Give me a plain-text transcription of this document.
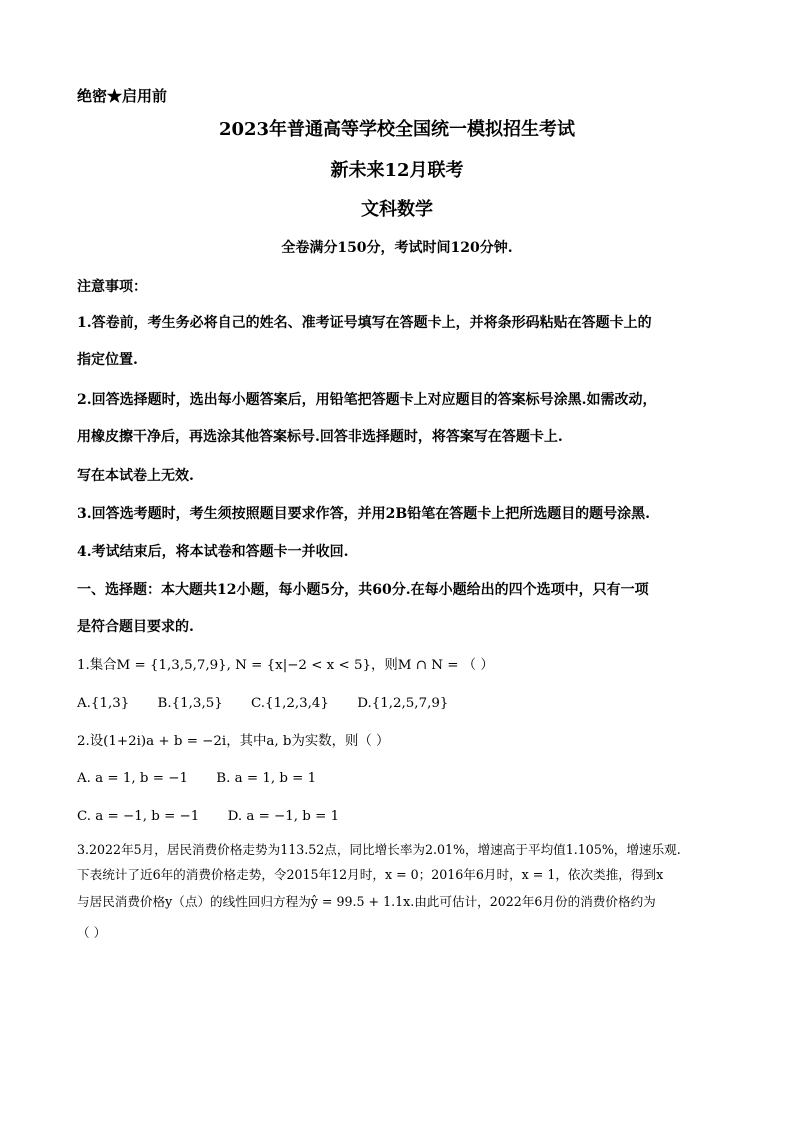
绝密★启用前
2023年普通高等学校全国统一模拟招生考试
新未来12月联考
文科数学
全卷满分150分，考试时间120分钟.
注意事项：
1.答卷前，考生务必将自己的姓名、准考证号填写在答题卡上，并将条形码粘贴在答题卡上的
指定位置.
2.回答选择题时，选出每小题答案后，用铅笔把答题卡上对应题目的答案标号涂黑.如需改动，
用橡皮擦干净后，再选涂其他答案标号.回答非选择题时，将答案写在答题卡上.
写在本试卷上无效.
3.回答选考题时，考生须按照题目要求作答，并用2B铅笔在答题卡上把所选题目的题号涂黑.
4.考试结束后，将本试卷和答题卡一并收回.
一、选择题：本大题共12小题，每小题5分，共60分.在每小题给出的四个选项中，只有一项
是符合题目要求的.
1.集合M = {1,3,5,7,9}, N = {x|−2 < x < 5}，则M ∩ N = （ ）
A.{1,3} B.{1,3,5} C.{1,2,3,4} D.{1,2,5,7,9}
2.设(1+2i)a + b = −2i，其中a, b为实数，则（ ）
A. a = 1, b = −1 B. a = 1, b = 1
C. a = −1, b = −1 D. a = −1, b = 1
3.2022年5月，居民消费价格走势为113.52点，同比增长率为2.01%，增速高于平均值1.105%，增速乐观.
下表统计了近6年的消费价格走势，令2015年12月时，x = 0；2016年6月时，x = 1，依次类推，得到x
与居民消费价格y（点）的线性回归方程为ŷ = 99.5 + 1.1x.由此可估计，2022年6月份的消费价格约为
（ ）
